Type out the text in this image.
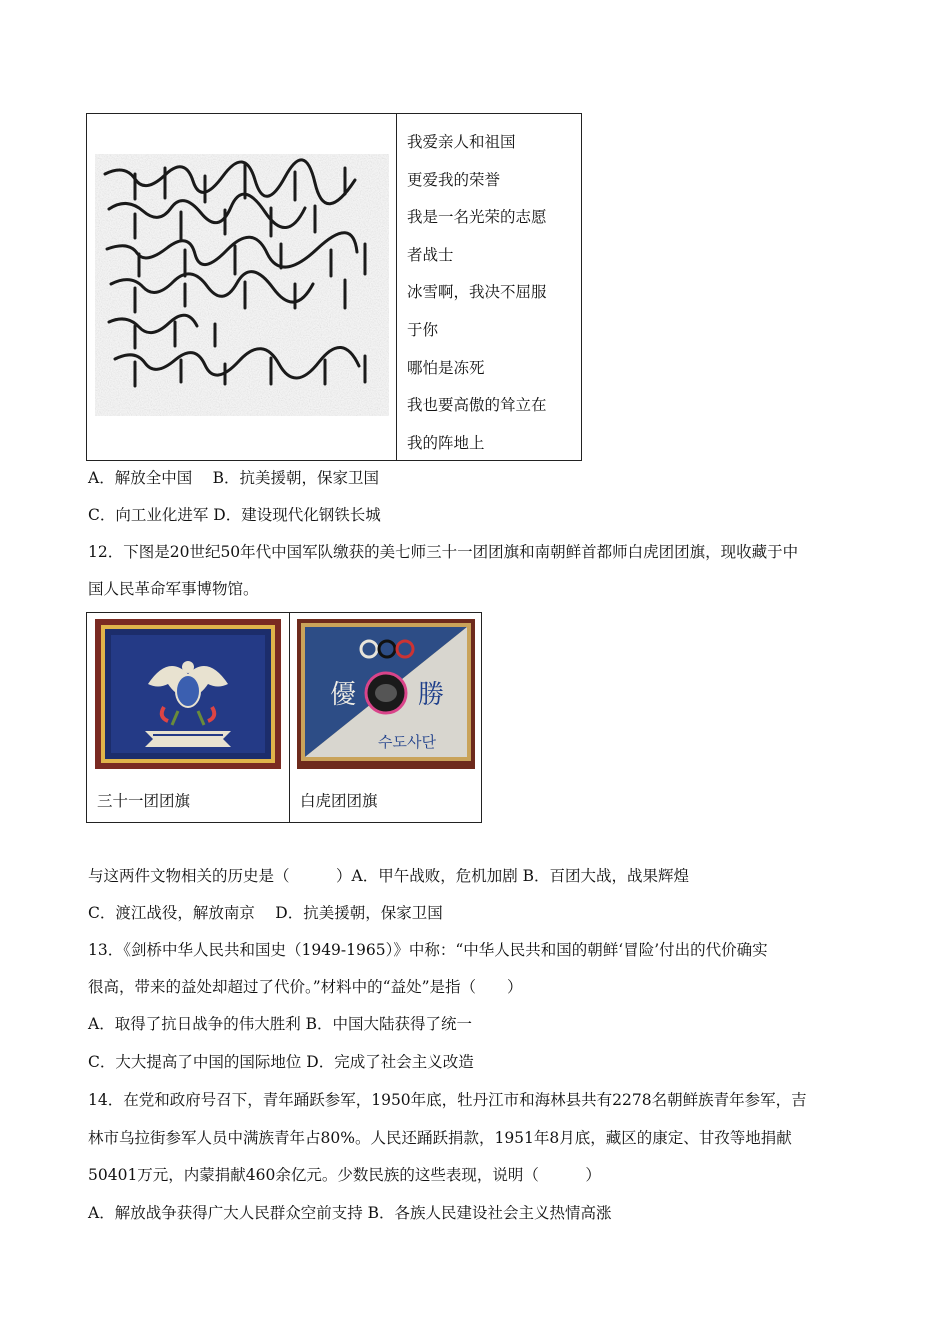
我爱亲人和祖国
更爱我的荣誉
我是一名光荣的志愿
者战士
冰雪啊，我决不屈服
于你
哪怕是冻死
我也要高傲的耸立在
我的阵地上
A．解放全中国　 B．抗美援朝，保家卫国
C．向工业化进军 D．建设现代化钢铁长城
12．下图是20世纪50年代中国军队缴获的美七师三十一团团旗和南朝鲜首都师白虎团团旗，现收藏于中
国人民革命军事博物馆。
三十一团团旗
優 勝
수도사단
白虎团团旗
与这两件文物相关的历史是（　　　）A．甲午战败，危机加剧 B．百团大战，战果辉煌
C．渡江战役，解放南京　 D．抗美援朝，保家卫国
13．《剑桥中华人民共和国史（1949-1965）》中称：“中华人民共和国的朝鲜‘冒险’付出的代价确实
很高，带来的益处却超过了代价。”材料中的“益处”是指（　　）
A．取得了抗日战争的伟大胜利 B．中国大陆获得了统一
C．大大提高了中国的国际地位 D．完成了社会主义改造
14．在党和政府号召下，青年踊跃参军，1950年底，牡丹江市和海林县共有2278名朝鲜族青年参军，吉
林市乌拉街参军人员中满族青年占80%。人民还踊跃捐款，1951年8月底，藏区的康定、甘孜等地捐献
50401万元，内蒙捐献460余亿元。少数民族的这些表现，说明（　　　）
A．解放战争获得广大人民群众空前支持 B．各族人民建设社会主义热情高涨
